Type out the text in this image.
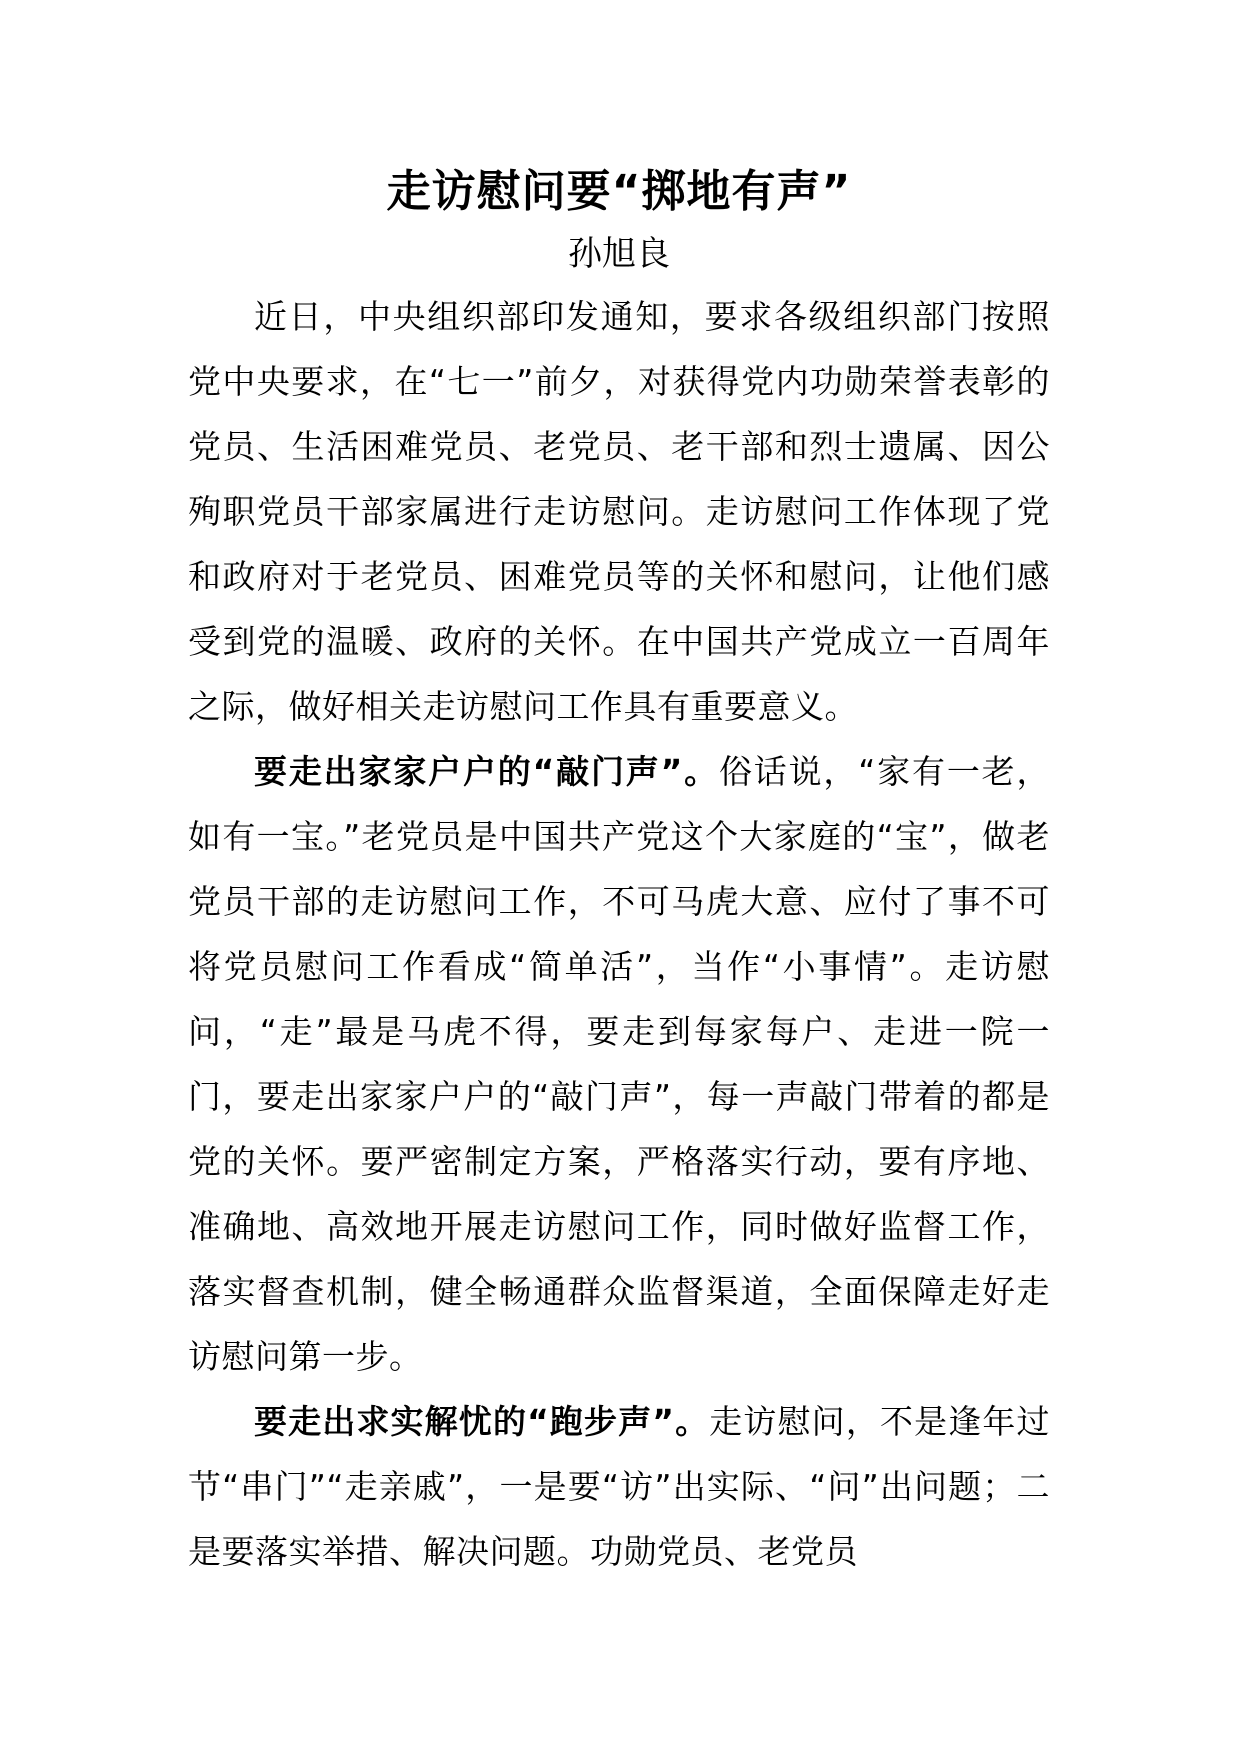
走访慰问要“掷地有声”

孙旭良

近日，中央组织部印发通知，要求各级组织部门按照党中央要求，在“七一”前夕，对获得党内功勋荣誉表彰的党员、生活困难党员、老党员、老干部和烈士遗属、因公殉职党员干部家属进行走访慰问。走访慰问工作体现了党和政府对于老党员、困难党员等的关怀和慰问，让他们感受到党的温暖、政府的关怀。在中国共产党成立一百周年之际，做好相关走访慰问工作具有重要意义。

要走出家家户户的“敲门声”。俗话说，“家有一老，如有一宝。”老党员是中国共产党这个大家庭的“宝”，做老党员干部的走访慰问工作，不可马虎大意、应付了事不可将党员慰问工作看成“简单活”，当作“小事情”。走访慰问，“走”最是马虎不得，要走到每家每户、走进一院一门，要走出家家户户的“敲门声”，每一声敲门带着的都是党的关怀。要严密制定方案，严格落实行动，要有序地、准确地、高效地开展走访慰问工作，同时做好监督工作，落实督查机制，健全畅通群众监督渠道，全面保障走好走访慰问第一步。

要走出求实解忧的“跑步声”。走访慰问，不是逢年过节“串门”“走亲戚”，一是要“访”出实际、“问”出问题；二是要落实举措、解决问题。功勋党员、老党员
